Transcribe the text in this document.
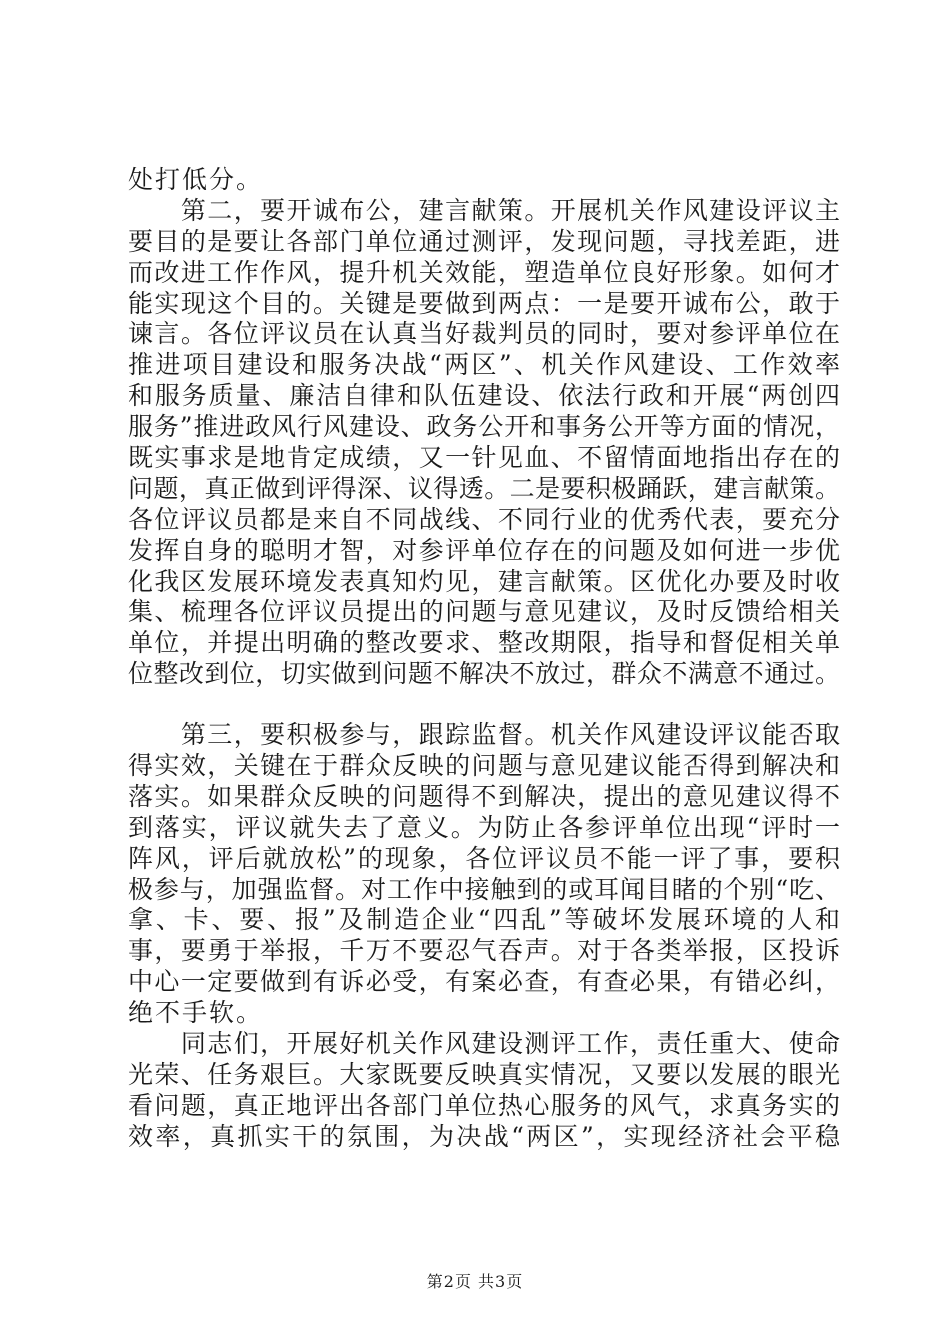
处打低分。
　　第二，要开诚布公，建言献策。开展机关作风建设评议主
要目的是要让各部门单位通过测评，发现问题，寻找差距，进
而改进工作作风，提升机关效能，塑造单位良好形象。如何才
能实现这个目的。关键是要做到两点：一是要开诚布公，敢于
谏言。各位评议员在认真当好裁判员的同时，要对参评单位在
推进项目建设和服务决战“两区”、机关作风建设、工作效率
和服务质量、廉洁自律和队伍建设、依法行政和开展“两创四
服务”推进政风行风建设、政务公开和事务公开等方面的情况，
既实事求是地肯定成绩，又一针见血、不留情面地指出存在的
问题，真正做到评得深、议得透。二是要积极踊跃，建言献策。
各位评议员都是来自不同战线、不同行业的优秀代表，要充分
发挥自身的聪明才智，对参评单位存在的问题及如何进一步优
化我区发展环境发表真知灼见，建言献策。区优化办要及时收
集、梳理各位评议员提出的问题与意见建议，及时反馈给相关
单位，并提出明确的整改要求、整改期限，指导和督促相关单
位整改到位，切实做到问题不解决不放过，群众不满意不通过。
　　第三，要积极参与，跟踪监督。机关作风建设评议能否取
得实效，关键在于群众反映的问题与意见建议能否得到解决和
落实。如果群众反映的问题得不到解决，提出的意见建议得不
到落实，评议就失去了意义。为防止各参评单位出现“评时一
阵风，评后就放松”的现象，各位评议员不能一评了事，要积
极参与，加强监督。对工作中接触到的或耳闻目睹的个别“吃、
拿、卡、要、报”及制造企业“四乱”等破坏发展环境的人和
事，要勇于举报，千万不要忍气吞声。对于各类举报，区投诉
中心一定要做到有诉必受，有案必查，有查必果，有错必纠，
绝不手软。
　　同志们，开展好机关作风建设测评工作，责任重大、使命
光荣、任务艰巨。大家既要反映真实情况，又要以发展的眼光
看问题，真正地评出各部门单位热心服务的风气，求真务实的
效率，真抓实干的氛围，为决战“两区”，实现经济社会平稳
第2页 共3页
